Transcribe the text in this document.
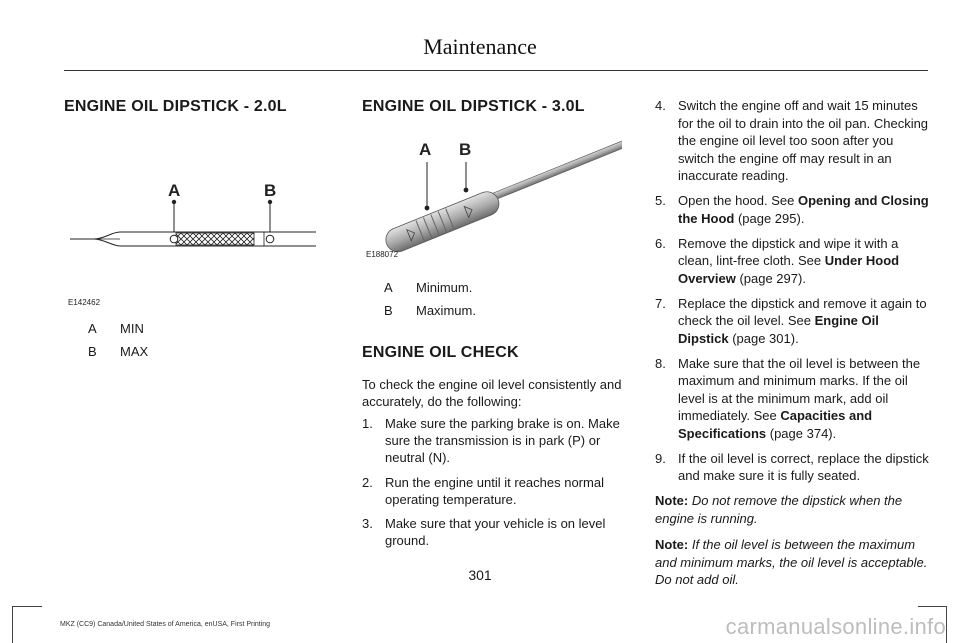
Maintenance
ENGINE OIL DIPSTICK - 2.0L
A	B
E142462
A	MIN
B	MAX
ENGINE OIL DIPSTICK - 3.0L
A B
E188072
A	Minimum.
B	Maximum.
ENGINE OIL CHECK
To check the engine oil level consistently and accurately, do the following:
1. Make sure the parking brake is on. Make sure the transmission is in park (P) or neutral (N).
2. Run the engine until it reaches normal operating temperature.
3. Make sure that your vehicle is on level ground.
4. Switch the engine off and wait 15 minutes for the oil to drain into the oil pan. Checking the engine oil level too soon after you switch the engine off may result in an inaccurate reading.
5. Open the hood. See Opening and Closing the Hood (page 295).
6. Remove the dipstick and wipe it with a clean, lint-free cloth. See Under Hood Overview (page 297).
7. Replace the dipstick and remove it again to check the oil level. See Engine Oil Dipstick (page 301).
8. Make sure that the oil level is between the maximum and minimum marks. If the oil level is at the minimum mark, add oil immediately. See Capacities and Specifications (page 374).
9. If the oil level is correct, replace the dipstick and make sure it is fully seated.

Note: Do not remove the dipstick when the engine is running.

Note: If the oil level is between the maximum and minimum marks, the oil level is acceptable. Do not add oil.

301
MKZ (CC9) Canada/United States of America, enUSA, First Printing	carmanualsonline.info
